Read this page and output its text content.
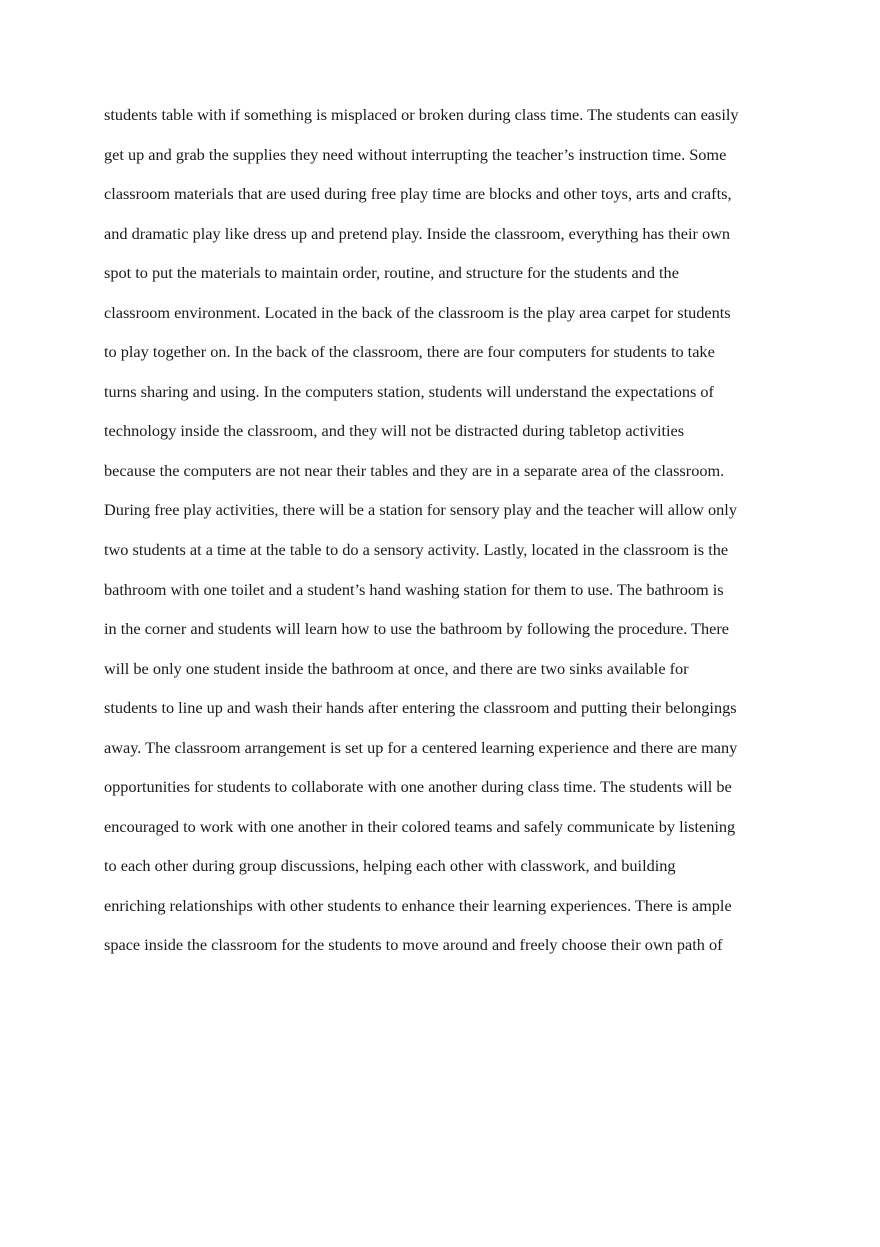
students table with if something is misplaced or broken during class time. The students can easily
get up and grab the supplies they need without interrupting the teacher’s instruction time. Some
classroom materials that are used during free play time are blocks and other toys, arts and crafts,
and dramatic play like dress up and pretend play. Inside the classroom, everything has their own
spot to put the materials to maintain order, routine, and structure for the students and the
classroom environment. Located in the back of the classroom is the play area carpet for students
to play together on. In the back of the classroom, there are four computers for students to take
turns sharing and using. In the computers station, students will understand the expectations of
technology inside the classroom, and they will not be distracted during tabletop activities
because the computers are not near their tables and they are in a separate area of the classroom.
During free play activities, there will be a station for sensory play and the teacher will allow only
two students at a time at the table to do a sensory activity. Lastly, located in the classroom is the
bathroom with one toilet and a student’s hand washing station for them to use. The bathroom is
in the corner and students will learn how to use the bathroom by following the procedure. There
will be only one student inside the bathroom at once, and there are two sinks available for
students to line up and wash their hands after entering the classroom and putting their belongings
away. The classroom arrangement is set up for a centered learning experience and there are many
opportunities for students to collaborate with one another during class time. The students will be
encouraged to work with one another in their colored teams and safely communicate by listening
to each other during group discussions, helping each other with classwork, and building
enriching relationships with other students to enhance their learning experiences. There is ample
space inside the classroom for the students to move around and freely choose their own path of
